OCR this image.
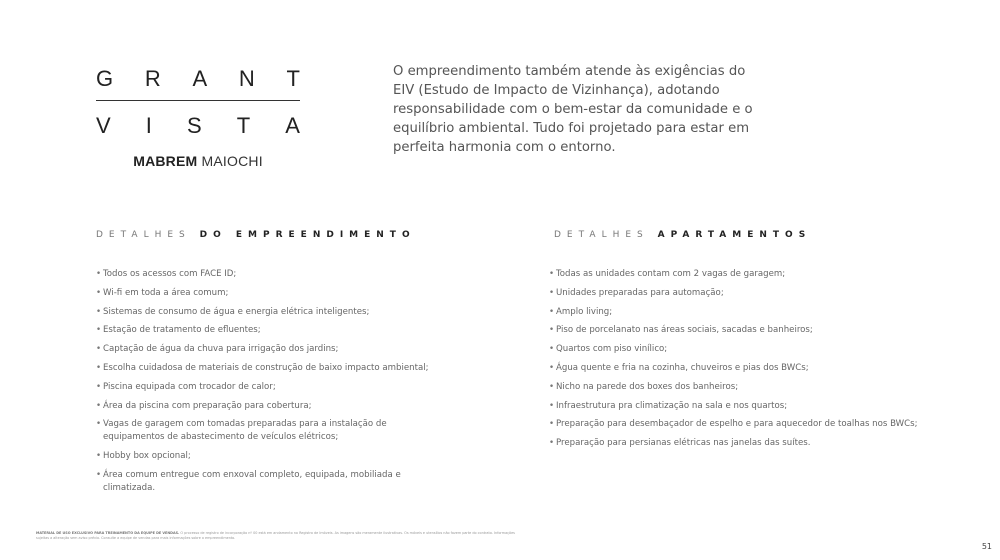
G R A N T
V I S T A
MABREM MAIOCHI

O empreendimento também atende às exigências do EIV (Estudo de Impacto de Vizinhança), adotando responsabilidade com o bem-estar da comunidade e o equilíbrio ambiental. Tudo foi projetado para estar em perfeita harmonia com o entorno.

DETALHES DO EMPREENDIMENTO	DETALHES APARTAMENTOS
• Todos os acessos com FACE ID;
• Wi-fi em toda a área comum;
• Sistemas de consumo de água e energia elétrica inteligentes;
• Estação de tratamento de efluentes;
• Captação de água da chuva para irrigação dos jardins;
• Escolha cuidadosa de materiais de construção de baixo impacto ambiental;
• Piscina equipada com trocador de calor;
• Área da piscina com preparação para cobertura;
• Vagas de garagem com tomadas preparadas para a instalação de equipamentos de abastecimento de veículos elétricos;
• Hobby box opcional;
• Área comum entregue com enxoval completo, equipada, mobiliada e climatizada.
• Todas as unidades contam com 2 vagas de garagem;
• Unidades preparadas para automação;
• Amplo living;
• Piso de porcelanato nas áreas sociais, sacadas e banheiros;
• Quartos com piso vinílico;
• Água quente e fria na cozinha, chuveiros e pias dos BWCs;
• Nicho na parede dos boxes dos banheiros;
• Infraestrutura pra climatização na sala e nos quartos;
• Preparação para desembaçador de espelho e para aquecedor de toalhas nos BWCs;
• Preparação para persianas elétricas nas janelas das suítes.
MATERIAL DE USO EXCLUSIVO PARA TREINAMENTO DA EQUIPE DE VENDAS. O processo de registro de incorporação nº 00 está em andamento no Registro de Imóveis. As imagens são meramente ilustrativas. Os móveis e utensílios não fazem parte do contrato. Informações sujeitas a alteração sem aviso prévio. Consulte a equipe de vendas para mais informações sobre o empreendimento.
51
